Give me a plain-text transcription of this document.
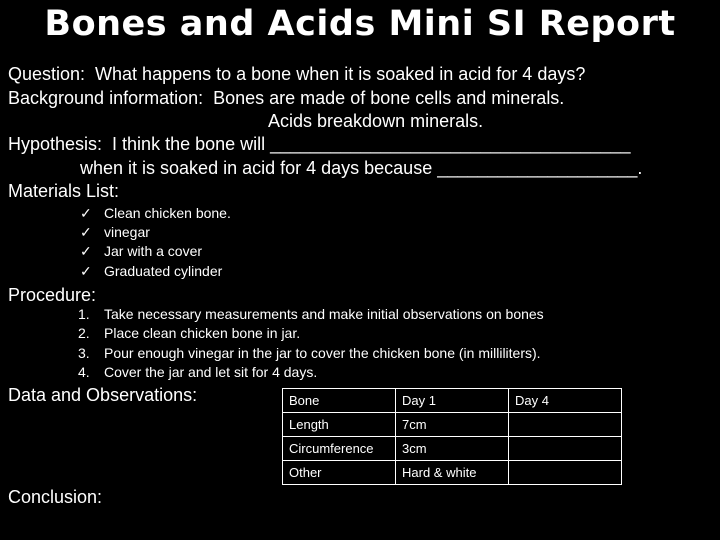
Bones and Acids Mini SI Report
Question:  What happens to a bone when it is soaked in acid for 4 days?
Background information:  Bones are made of bone cells and minerals.
Acids breakdown minerals.
Hypothesis:  I think the bone will ____________________________________
when it is soaked in acid for 4 days because ____________________.
Materials List:
✓ Clean chicken bone.
✓ vinegar
✓ Jar with a cover
✓ Graduated cylinder
Procedure:
1. Take necessary measurements and make initial observations on bones
2. Place clean chicken bone in jar.
3. Pour enough vinegar in the jar to cover the chicken bone (in milliliters).
4. Cover the jar and let sit for 4 days.
Data and Observations:	Bone	Day 1	Day 4
Length	7cm	
Circumference	3cm	
Other	Hard & white	
Conclusion:
